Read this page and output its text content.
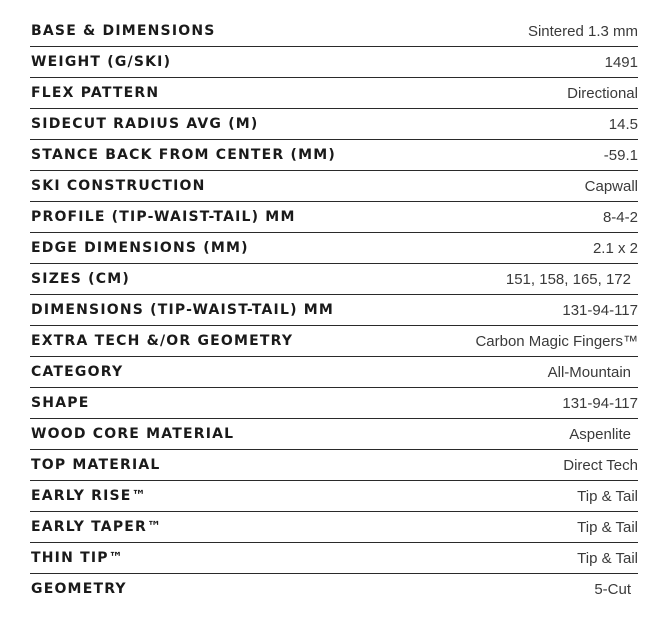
BASE & DIMENSIONS	Sintered 1.3 mm
WEIGHT (G/SKI)	1491
FLEX PATTERN	Directional
SIDECUT RADIUS AVG (M)	14.5
STANCE BACK FROM CENTER (MM)	-59.1
SKI CONSTRUCTION	Capwall
PROFILE (TIP-WAIST-TAIL) MM	8-4-2
EDGE DIMENSIONS (MM)	2.1 x 2
SIZES (CM)	151, 158, 165, 172
DIMENSIONS (TIP-WAIST-TAIL) MM	131-94-117
EXTRA TECH &/OR GEOMETRY	Carbon Magic Fingers™
CATEGORY	All-Mountain
SHAPE	131-94-117
WOOD CORE MATERIAL	Aspenlite
TOP MATERIAL	Direct Tech
EARLY RISE™	Tip & Tail
EARLY TAPER™	Tip & Tail
THIN TIP™	Tip & Tail
GEOMETRY	5-Cut
